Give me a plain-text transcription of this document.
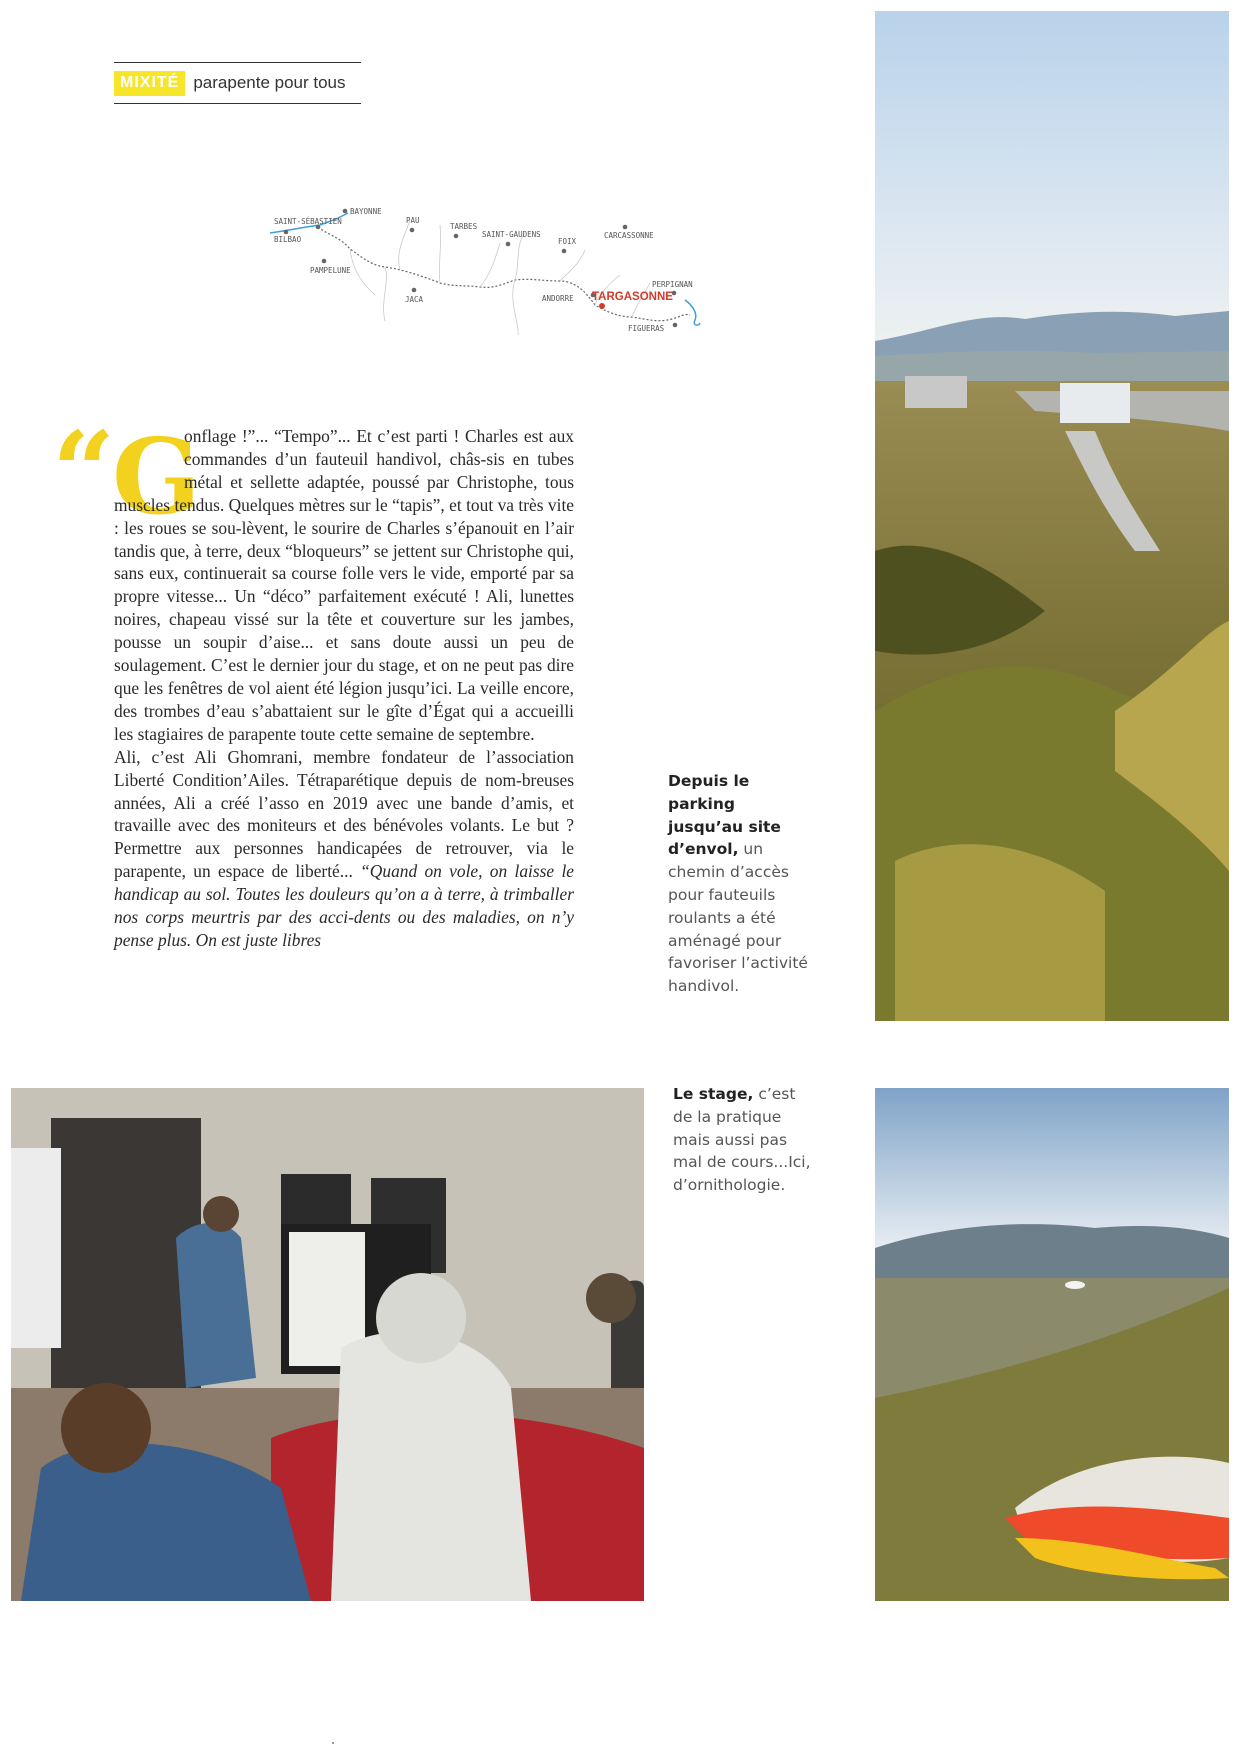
MIXITÉ parapente pour tous
SAINT-SÉBASTIEN
BAYONNE
BILBAO
PAU
TARBES
SAINT-GAUDENS	CARCASSONNE
FOIX
PAMPELUNE
JACA	ANDORRE
PERPIGNAN
FIGUERAS
TARGASONNE
“
G

onflage !”... “Tempo”... Et c’est parti ! Charles est aux commandes d’un fauteuil handivol, châs-sis en tubes métal et sellette adaptée, poussé par Christophe, tous muscles tendus. Quelques mètres sur le “tapis”, et tout va très vite : les roues se sou-lèvent, le sourire de Charles s’épanouit en l’air tandis que, à terre, deux “bloqueurs” se jettent sur Christophe qui, sans eux, continuerait sa course folle vers le vide, emporté par sa propre vitesse... Un “déco” parfaitement exécuté ! Ali, lunettes noires, chapeau vissé sur la tête et couverture sur les jambes, pousse un soupir d’aise... et sans doute aussi un peu de soulagement. C’est le dernier jour du stage, et on ne peut pas dire que les fenêtres de vol aient été légion jusqu’ici. La veille encore, des trombes d’eau s’abattaient sur le gîte d’Égat qui a accueilli les stagiaires de parapente toute cette semaine de septembre.

Ali, c’est Ali Ghomrani, membre fondateur de l’association Liberté Condition’Ailes. Tétraparétique depuis de nom-breuses années, Ali a créé l’asso en 2019 avec une bande d’amis, et travaille avec des moniteurs et des bénévoles volants. Le but ? Permettre aux personnes handicapées de retrouver, via le parapente, un espace de liberté... “Quand on vole, on laisse le handicap au sol. Toutes les douleurs qu’on a à terre, à trimballer nos corps meurtris par des acci-dents ou des maladies, on n’y pense plus. On est juste libres

Depuis le parking jusqu’au site d’envol, un chemin d’accès pour fauteuils roulants a été aménagé pour favoriser l’activité handivol.
Le stage, c’est de la pratique mais aussi pas mal de cours...Ici, d’ornithologie.
